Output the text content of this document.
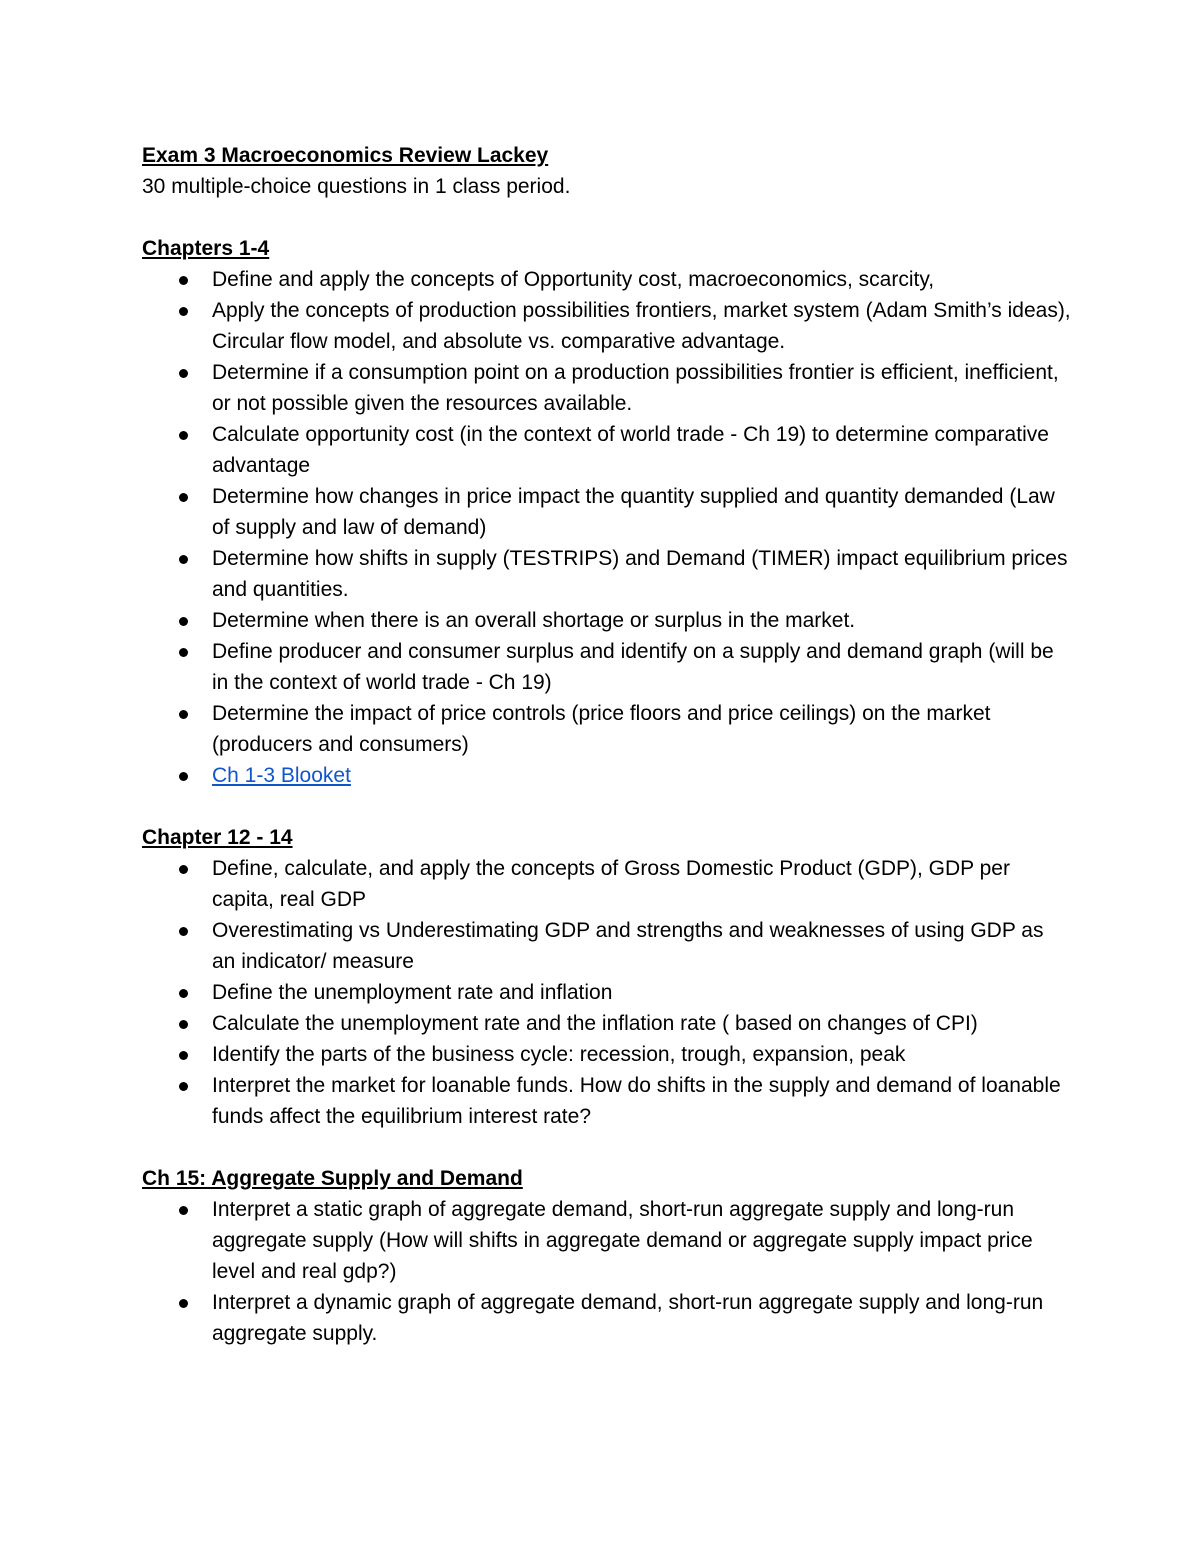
Exam 3 Macroeconomics Review Lackey

30 multiple-choice questions in 1 class period.

Chapters 1-4

Define and apply the concepts of Opportunity cost, macroeconomics, scarcity,
Apply the concepts of production possibilities frontiers, market system (Adam Smith’s ideas), Circular flow model, and absolute vs. comparative advantage.
Determine if a consumption point on a production possibilities frontier is efficient, inefficient, or not possible given the resources available.
Calculate opportunity cost (in the context of world trade - Ch 19) to determine comparative advantage
Determine how changes in price impact the quantity supplied and quantity demanded (Law of supply and law of demand)
Determine how shifts in supply (TESTRIPS) and Demand (TIMER) impact equilibrium prices and quantities.
Determine when there is an overall shortage or surplus in the market.
Define producer and consumer surplus and identify on a supply and demand graph (will be in the context of world trade - Ch 19)
Determine the impact of price controls (price floors and price ceilings) on the market (producers and consumers)
Ch 1-3 Blooket

Chapter 12 - 14

Define, calculate, and apply the concepts of Gross Domestic Product (GDP), GDP per capita, real GDP
Overestimating vs Underestimating GDP and strengths and weaknesses of using GDP as an indicator/ measure
Define the unemployment rate and inflation
Calculate the unemployment rate and the inflation rate ( based on changes of CPI)
Identify the parts of the business cycle: recession, trough, expansion, peak
Interpret the market for loanable funds. How do shifts in the supply and demand of loanable funds affect the equilibrium interest rate?

Ch 15: Aggregate Supply and Demand

Interpret a static graph of aggregate demand, short-run aggregate supply and long-run aggregate supply (How will shifts in aggregate demand or aggregate supply impact price level and real gdp?)
Interpret a dynamic graph of aggregate demand, short-run aggregate supply and long-run aggregate supply.
